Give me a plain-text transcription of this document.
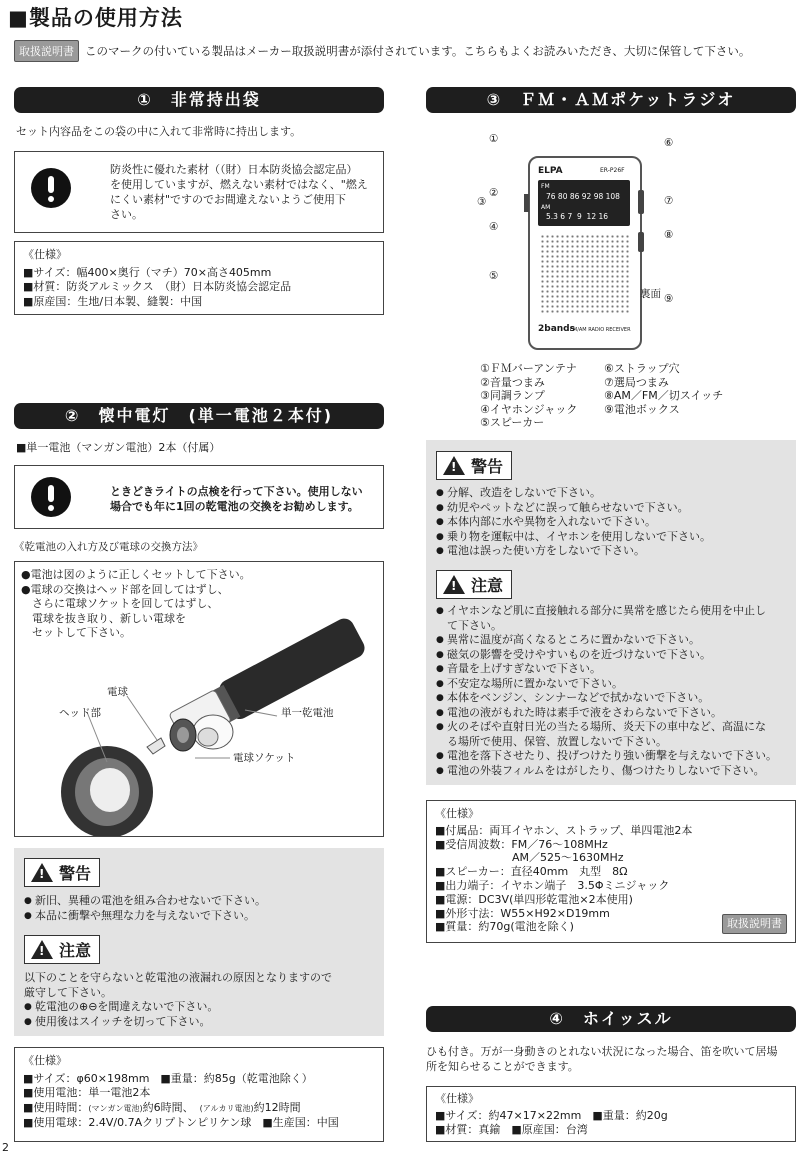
■製品の使用方法
取扱説明書 このマークの付いている製品はメーカー取扱説明書が添付されています。こちらもよくお読みいただき、大切に保管して下さい。
①　非常持出袋
セット内容品をこの袋の中に入れて非常時に持出します。
防炎性に優れた素材（（財）日本防炎協会認定品）
を使用していますが、燃えない素材ではなく、"燃え
にくい素材"ですのでお間違えないようご使用下
さい。
《仕様》
■サイズ：幅400×奥行（マチ）70×高さ405mm
■材質：防炎アルミックス　（財）日本防炎協会認定品
■原産国：生地/日本製、縫製：中国
②　懐中電灯　(単一電池２本付)
■単一電池（マンガン電池）2本（付属）
ときどきライトの点検を行って下さい。使用しない
場合でも年に1回の乾電池の交換をお勧めします。
《乾電池の入れ方及び電球の交換方法》
●電池は図のように正しくセットして下さい。
●電球の交換はヘッド部を回してはずし、
　さらに電球ソケットを回してはずし、
　電球を抜き取り、新しい電球を
　セットして下さい。
電球
ヘッド部	単一乾電池
電球ソケット
!警告
● 新旧、異種の電池を組み合わせないで下さい。
● 本品に衝撃や無理な力を与えないで下さい。
!注意
以下のことを守らないと乾電池の液漏れの原因となりますので
厳守して下さい。
● 乾電池の⊕⊖を間違えないで下さい。
● 使用後はスイッチを切って下さい。
《仕様》
■サイズ：φ60×198mm　■重量：約85g（乾電池除く）
■使用電池：単一電池2本
■使用時間：(マンガン電池)約6時間、 (アルカリ電池)約12時間
■使用電球：2.4V/0.7Aクリプトンピリケン球　■生産国：中国
③　ＦＭ・ＡＭポケットラジオ
ELPA	ER-P26F
FM
76 80 86 92 98 108
AM
5.3 6 7  9  12 16
2bands
FM/AM RADIO RECEIVER
①
②
③
④
⑤
⑥
⑦
⑧
⑨
裏面
①ＦＭバーアンテナ
②音量つまみ
③同調ランプ
④イヤホンジャック
⑤スピーカー
⑥ストラップ穴
⑦選局つまみ
⑧AM／FM／切スイッチ
⑨電池ボックス
!警告
● 分解、改造をしないで下さい。
● 幼児やペットなどに誤って触らせないで下さい。
● 本体内部に水や異物を入れないで下さい。
● 乗り物を運転中は、イヤホンを使用しないで下さい。
● 電池は誤った使い方をしないで下さい。
!注意
● イヤホンなど肌に直接触れる部分に異常を感じたら使用を中止し
て下さい。
● 異常に温度が高くなるところに置かないで下さい。
● 磁気の影響を受けやすいものを近づけないで下さい。
● 音量を上げすぎないで下さい。
● 不安定な場所に置かないで下さい。
● 本体をベンジン、シンナーなどで拭かないで下さい。
● 電池の液がもれた時は素手で液をさわらないで下さい。
● 火のそばや直射日光の当たる場所、炎天下の車中など、高温にな
る場所で使用、保管、放置しないで下さい。
● 電池を落下させたり、投げつけたり強い衝撃を与えないで下さい。
● 電池の外装フィルムをはがしたり、傷つけたりしないで下さい。
《仕様》
■付属品：両耳イヤホン、ストラップ、単四電池2本
■受信周波数：FM／76～108MHz
　　　　　　　AM／525～1630MHz
■スピーカー：直径40mm　丸型　8Ω
■出力端子：イヤホン端子　3.5Φミニジャック
■電源：DC3V(単四形乾電池×2本使用)
■外形寸法：W55×H92×D19mm
■質量：約70g(電池を除く)	取扱説明書
④　ホイッスル
ひも付き。万が一身動きのとれない状況になった場合、笛を吹いて居場
所を知らせることができます。
《仕様》
■サイズ：約47×17×22mm　■重量：約20g
■材質：真鍮　■原産国：台湾
2
